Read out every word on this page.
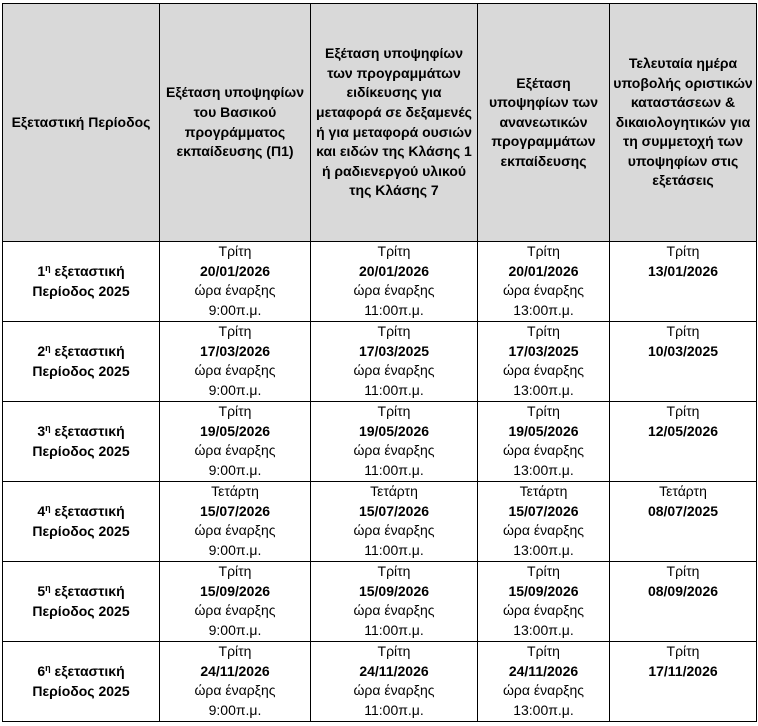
Εξεταστική Περίοδος	Εξέταση υποψηφίων του Βασικού προγράμματος εκπαίδευσης (Π1)	Εξέταση υποψηφίων των προγραμμάτων ειδίκευσης για μεταφορά σε δεξαμενές ή για μεταφορά ουσιών και ειδών της Κλάσης 1 ή ραδιενεργού υλικού της Κλάσης 7	Εξέταση υποψηφίων των ανανεωτικών προγραμμάτων εκπαίδευσης	Τελευταία ημέρα υποβολής οριστικών καταστάσεων & δικαιολογητικών για τη συμμετοχή των υποψηφίων στις εξετάσεις

$1^\eta$ εξεταστική
Περίοδος 2025	Τρίτη
20/01/2026
ώρα έναρξης
9:00π.μ.	Τρίτη
20/01/2026
ώρα έναρξης
11:00π.μ.	Τρίτη
20/01/2026
ώρα έναρξης
13:00π.μ.	Τρίτη
13/01/2026

$2^\eta$ εξεταστική
Περίοδος 2025	Τρίτη
17/03/2026
ώρα έναρξης
9:00π.μ.	Τρίτη
17/03/2025
ώρα έναρξης
11:00π.μ.	Τρίτη
17/03/2025
ώρα έναρξης
13:00π.μ.	Τρίτη
10/03/2025

$3^\eta$ εξεταστική
Περίοδος 2025	Τρίτη
19/05/2026
ώρα έναρξης
9:00π.μ.	Τρίτη
19/05/2026
ώρα έναρξης
11:00π.μ.	Τρίτη
19/05/2026
ώρα έναρξης
13:00π.μ.	Τρίτη
12/05/2026

$4^\eta$ εξεταστική
Περίοδος 2025	Τετάρτη
15/07/2026
ώρα έναρξης
9:00π.μ.	Τετάρτη
15/07/2026
ώρα έναρξης
11:00π.μ.	Τετάρτη
15/07/2026
ώρα έναρξης
13:00π.μ.	Τετάρτη
08/07/2025

$5^\eta$ εξεταστική
Περίοδος 2025	Τρίτη
15/09/2026
ώρα έναρξης
9:00π.μ.	Τρίτη
15/09/2026
ώρα έναρξης
11:00π.μ.	Τρίτη
15/09/2026
ώρα έναρξης
13:00π.μ.	Τρίτη
08/09/2026

$6^\eta$ εξεταστική
Περίοδος 2025	Τρίτη
24/11/2026
ώρα έναρξης
9:00π.μ.	Τρίτη
24/11/2026
ώρα έναρξης
11:00π.μ.	Τρίτη
24/11/2026
ώρα έναρξης
13:00π.μ.	Τρίτη
17/11/2026
